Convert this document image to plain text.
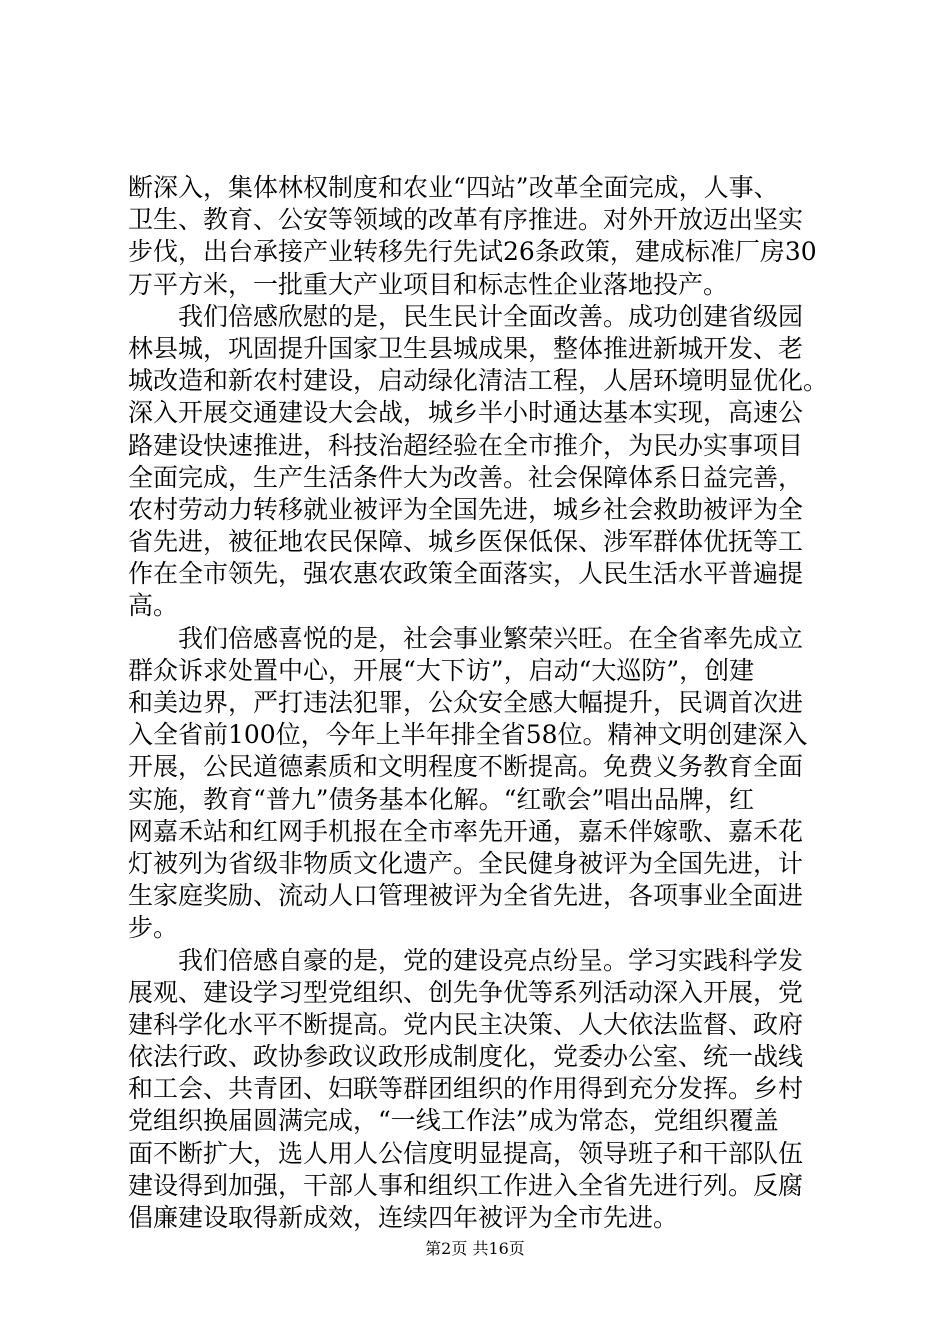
断深入，集体林权制度和农业“四站”改革全面完成，人事、
卫生、教育、公安等领域的改革有序推进。对外开放迈出坚实
步伐，出台承接产业转移先行先试26条政策，建成标准厂房30
万平方米，一批重大产业项目和标志性企业落地投产。
我们倍感欣慰的是，民生民计全面改善。成功创建省级园
林县城，巩固提升国家卫生县城成果，整体推进新城开发、老
城改造和新农村建设，启动绿化清洁工程，人居环境明显优化。
深入开展交通建设大会战，城乡半小时通达基本实现，高速公
路建设快速推进，科技治超经验在全市推介，为民办实事项目
全面完成，生产生活条件大为改善。社会保障体系日益完善，
农村劳动力转移就业被评为全国先进，城乡社会救助被评为全
省先进，被征地农民保障、城乡医保低保、涉军群体优抚等工
作在全市领先，强农惠农政策全面落实，人民生活水平普遍提
高。
我们倍感喜悦的是，社会事业繁荣兴旺。在全省率先成立
群众诉求处置中心，开展“大下访”，启动“大巡防”，创建
和美边界，严打违法犯罪，公众安全感大幅提升，民调首次进
入全省前100位，今年上半年排全省58位。精神文明创建深入
开展，公民道德素质和文明程度不断提高。免费义务教育全面
实施，教育“普九”债务基本化解。“红歌会”唱出品牌，红
网嘉禾站和红网手机报在全市率先开通，嘉禾伴嫁歌、嘉禾花
灯被列为省级非物质文化遗产。全民健身被评为全国先进，计
生家庭奖励、流动人口管理被评为全省先进，各项事业全面进
步。
我们倍感自豪的是，党的建设亮点纷呈。学习实践科学发
展观、建设学习型党组织、创先争优等系列活动深入开展，党
建科学化水平不断提高。党内民主决策、人大依法监督、政府
依法行政、政协参政议政形成制度化，党委办公室、统一战线
和工会、共青团、妇联等群团组织的作用得到充分发挥。乡村
党组织换届圆满完成，“一线工作法”成为常态，党组织覆盖
面不断扩大，选人用人公信度明显提高，领导班子和干部队伍
建设得到加强，干部人事和组织工作进入全省先进行列。反腐
倡廉建设取得新成效，连续四年被评为全市先进。
第2页 共16页
